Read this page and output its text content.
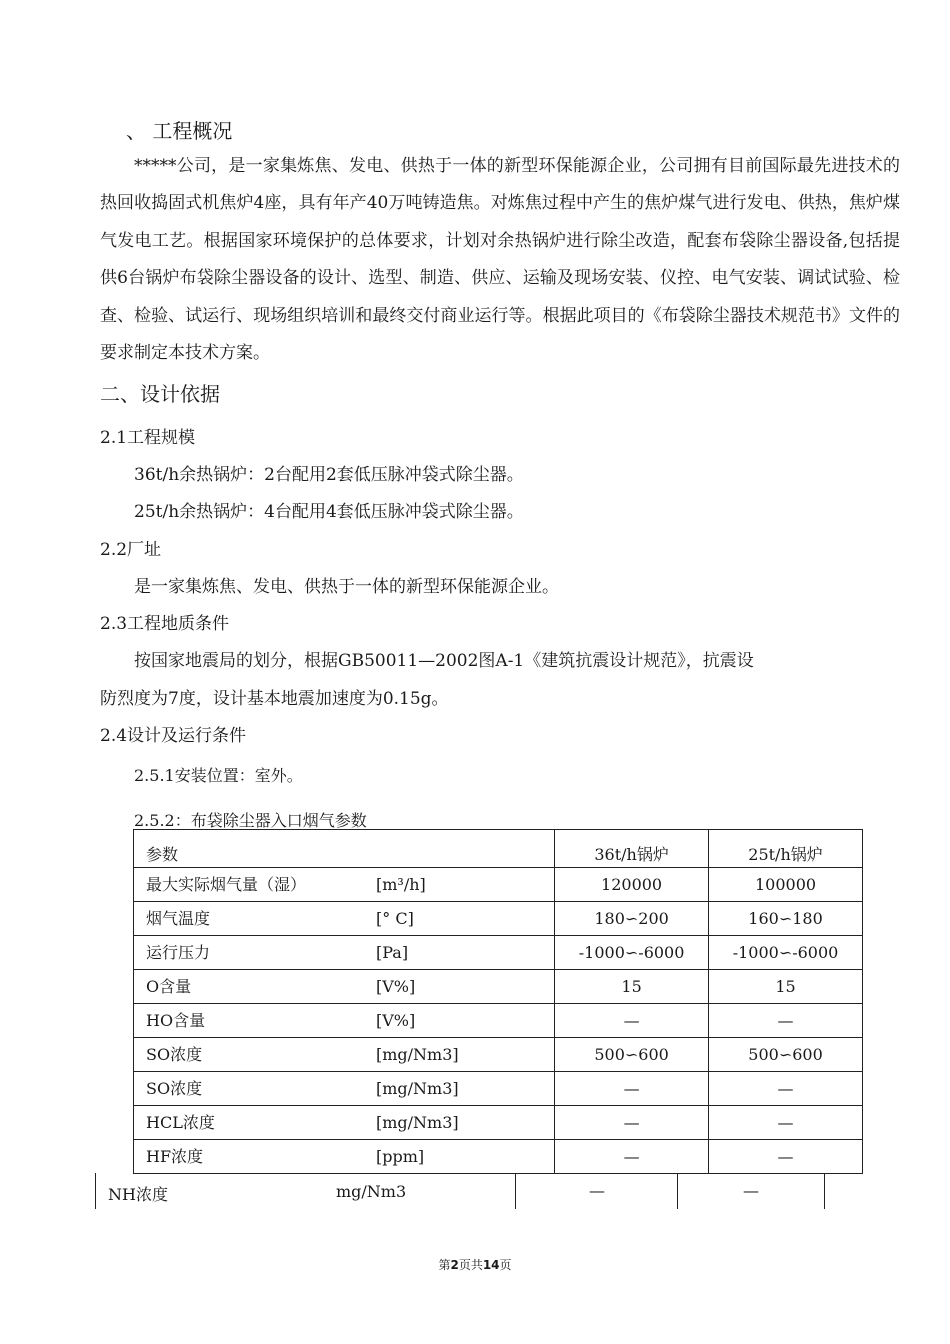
、 工程概况
*****公司，是一家集炼焦、发电、供热于一体的新型环保能源企业，公司拥有目前国际最先进技术的热回收捣固式机焦炉4座，具有年产40万吨铸造焦。对炼焦过程中产生的焦炉煤气进行发电、供热，焦炉煤气发电工艺。根据国家环境保护的总体要求，计划对余热锅炉进行除尘改造，配套布袋除尘器设备,包括提供6台锅炉布袋除尘器设备的设计、选型、制造、供应、运输及现场安装、仪控、电气安装、调试试验、检查、检验、试运行、现场组织培训和最终交付商业运行等。根据此项目的《布袋除尘器技术规范书》文件的要求制定本技术方案。
二、设计依据
2.1工程规模
36t/h余热锅炉：2台配用2套低压脉冲袋式除尘器。
25t/h余热锅炉：4台配用4套低压脉冲袋式除尘器。
2.2厂址
是一家集炼焦、发电、供热于一体的新型环保能源企业。
2.3工程地质条件
按国家地震局的划分，根据GB50011—2002图A-1《建筑抗震设计规范》，抗震设
防烈度为7度，设计基本地震加速度为0.15g。
2.4设计及运行条件
2.5.1安装位置：室外。
2.5.2：布袋除尘器入口烟气参数
参数	36t/h锅炉	25t/h锅炉

最大实际烟气量（湿） [m³/h]	120000	100000

烟气温度 [° C]	180∽200	160∽180

运行压力 [Pa]	-1000∽-6000	-1000∽-6000

O含量 [V%]	15	15

HO含量 [V%]	—	—

SO浓度 [mg/Nm3]	500∽600	500∽600

SO浓度 [mg/Nm3]	—	—

HCL浓度 [mg/Nm3]	—	—

HF浓度 [ppm]	—	—
NH浓度	mg/Nm3	—	—
第2页共14页
